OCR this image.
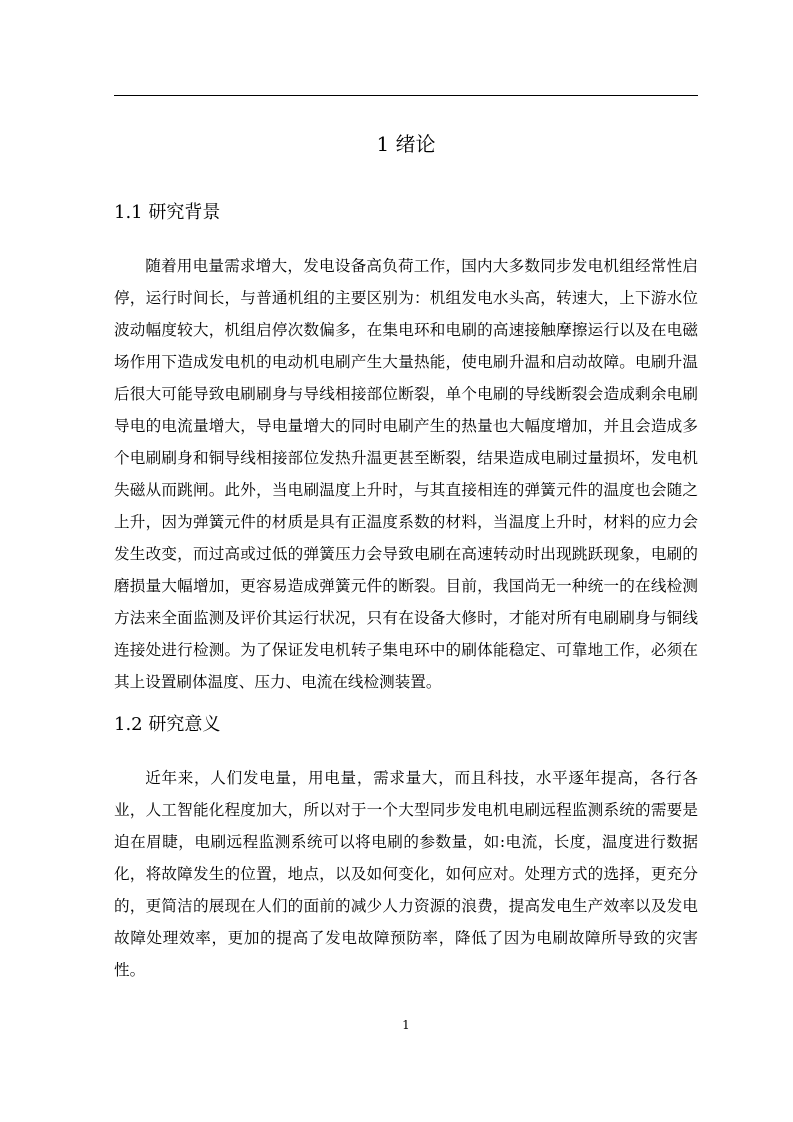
1 绪论
1.1 研究背景

随着用电量需求增大，发电设备高负荷工作，国内大多数同步发电机组经常性启停，运行时间长，与普通机组的主要区别为：机组发电水头高，转速大，上下游水位波动幅度较大，机组启停次数偏多，在集电环和电刷的高速接触摩擦运行以及在电磁场作用下造成发电机的电动机电刷产生大量热能，使电刷升温和启动故障。电刷升温后很大可能导致电刷刷身与导线相接部位断裂，单个电刷的导线断裂会造成剩余电刷导电的电流量增大，导电量增大的同时电刷产生的热量也大幅度增加，并且会造成多个电刷刷身和铜导线相接部位发热升温更甚至断裂，结果造成电刷过量损坏，发电机失磁从而跳闸。此外，当电刷温度上升时，与其直接相连的弹簧元件的温度也会随之上升，因为弹簧元件的材质是具有正温度系数的材料，当温度上升时，材料的应力会发生改变，而过高或过低的弹簧压力会导致电刷在高速转动时出现跳跃现象，电刷的磨损量大幅增加，更容易造成弹簧元件的断裂。目前，我国尚无一种统一的在线检测方法来全面监测及评价其运行状况，只有在设备大修时，才能对所有电刷刷身与铜线连接处进行检测。为了保证发电机转子集电环中的刷体能稳定、可靠地工作，必须在其上设置刷体温度、压力、电流在线检测装置。

1.2 研究意义

近年来，人们发电量，用电量，需求量大，而且科技，水平逐年提高，各行各业，人工智能化程度加大，所以对于一个大型同步发电机电刷远程监测系统的需要是迫在眉睫，电刷远程监测系统可以将电刷的参数量，如:电流，长度，温度进行数据化，将故障发生的位置，地点，以及如何变化，如何应对。处理方式的选择，更充分的，更简洁的展现在人们的面前的减少人力资源的浪费，提高发电生产效率以及发电故障处理效率，更加的提高了发电故障预防率，降低了因为电刷故障所导致的灾害性。

1
